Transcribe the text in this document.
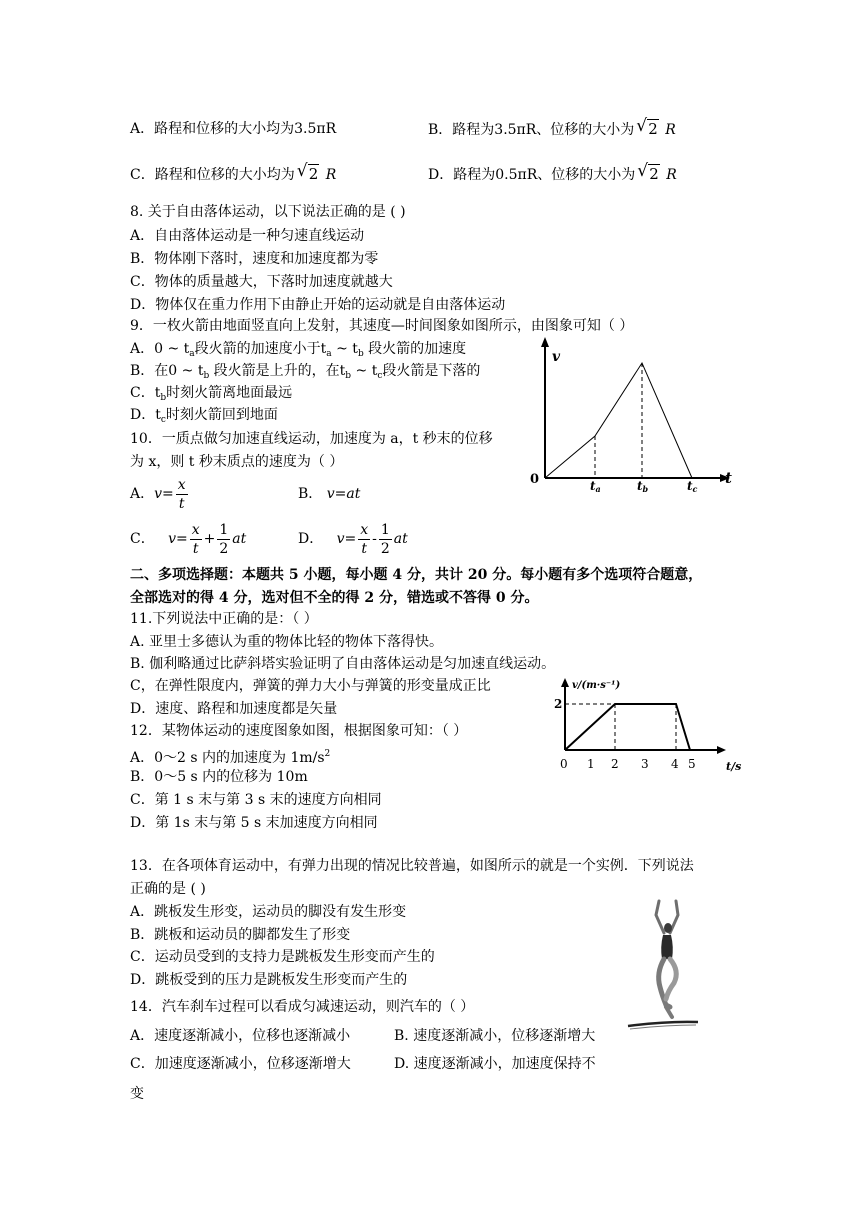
A．路程和位移的大小均为3.5πR	B．路程为3.5πR、位移的大小为 √ 2 R
C．路程和位移的大小均为 √ 2 R	D．路程为0.5πR、位移的大小为 √ 2 R
8. 关于自由落体运动，以下说法正确的是 ( )
A．自由落体运动是一种匀速直线运动
B．物体刚下落时，速度和加速度都为零
C．物体的质量越大，下落时加速度就越大
D．物体仅在重力作用下由静止开始的运动就是自由落体运动
9．一枚火箭由地面竖直向上发射，其速度—时间图象如图所示，由图象可知（ ）
A．0 ~ $t_a$段火箭的加速度小于$t_a$ ~ $t_b$ 段火箭的加速度
B．在0 ~ $t_b$ 段火箭是上升的，在$t_b$ ~ $t_c$段火箭是下落的
C．$t_b$时刻火箭离地面最远
D．$t_c$时刻火箭回到地面
v
t
0	ta	tb	tc
10．一质点做匀加速直线运动，加速度为 a，t 秒末的位移
为 x，则 t 秒末质点的速度为（ ）
A．$v= \frac{x}{t}$	B． v=at
C． $v= \frac{x}{t} + \frac{1}{2}$ at	D． $v= \frac{x}{t} - \frac{1}{2}$ at
二、多项选择题：本题共 5 小题，每小题 4 分，共计 20 分。每小题有多个选项符合题意，
全部选对的得 4 分，选对但不全的得 2 分，错选或不答得 0 分。
11.下列说法中正确的是：（ ）
A. 亚里士多德认为重的物体比轻的物体下落得快。
B. 伽利略通过比萨斜塔实验证明了自由落体运动是匀加速直线运动。
C，在弹性限度内，弹簧的弹力大小与弹簧的形变量成正比
D．速度、路程和加速度都是矢量
12．某物体运动的速度图象如图，根据图象可知：（ ）
A．0～2 s 内的加速度为 $1m/s^2$
B．0～5 s 内的位移为 10m
C．第 1 s 末与第 3 s 末的速度方向相同
D．第 1s 末与第 5 s 末加速度方向相同
v/(m·s⁻¹)
t/s
2
0 1 2 3 4 5
13．在各项体育运动中，有弹力出现的情况比较普遍，如图所示的就是一个实例．下列说法
正确的是 ( )
A．跳板发生形变，运动员的脚没有发生形变
B．跳板和运动员的脚都发生了形变
C．运动员受到的支持力是跳板发生形变而产生的
D．跳板受到的压力是跳板发生形变而产生的
14．汽车刹车过程可以看成匀减速运动，则汽车的（ ）
A．速度逐渐减小，位移也逐渐减小	B. 速度逐渐减小，位移逐渐增大
C．加速度逐渐减小，位移逐渐增大	D. 速度逐渐减小，加速度保持不
变
